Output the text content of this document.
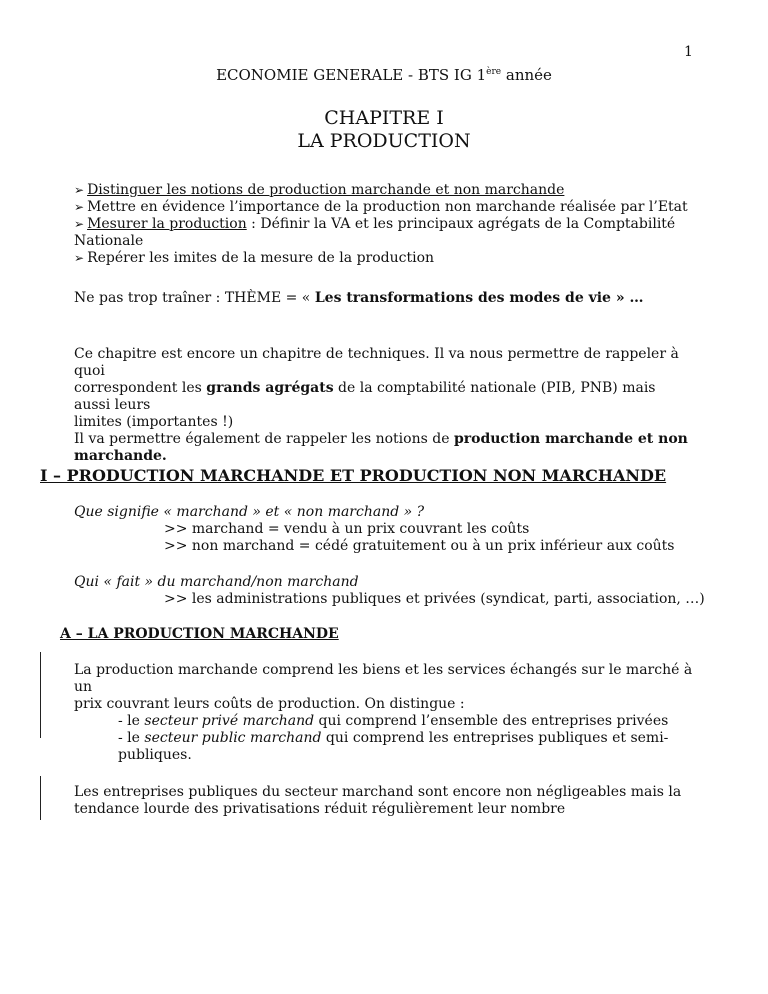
1
ECONOMIE GENERALE - BTS IG 1ère année
CHAPITRE I
LA PRODUCTION
➢ Distinguer les notions de production marchande et non marchande
➢ Mettre en évidence l’importance de la production non marchande réalisée par l’Etat
➢ Mesurer la production : Définir la VA et les principaux agrégats de la Comptabilité
Nationale
➢ Repérer les imites de la mesure de la production
Ne pas trop traîner : THÈME = « Les transformations des modes de vie » …
Ce chapitre est encore un chapitre de techniques. Il va nous permettre de rappeler à quoi
correspondent les grands agrégats de la comptabilité nationale (PIB, PNB) mais aussi leurs
limites (importantes !)
Il va permettre également de rappeler les notions de production marchande et non
marchande.
I – PRODUCTION MARCHANDE ET PRODUCTION NON MARCHANDE
Que signifie « marchand » et « non marchand » ?
>> marchand = vendu à un prix couvrant les coûts
>> non marchand = cédé gratuitement ou à un prix inférieur aux coûts
Qui « fait » du marchand/non marchand
>> les administrations publiques et privées (syndicat, parti, association, …)
A – LA PRODUCTION MARCHANDE
La production marchande comprend les biens et les services échangés sur le marché à un
prix couvrant leurs coûts de production. On distingue :
- le secteur privé marchand qui comprend l’ensemble des entreprises privées
- le secteur public marchand qui comprend les entreprises publiques et semi-
publiques.
Les entreprises publiques du secteur marchand sont encore non négligeables mais la
tendance lourde des privatisations réduit régulièrement leur nombre
